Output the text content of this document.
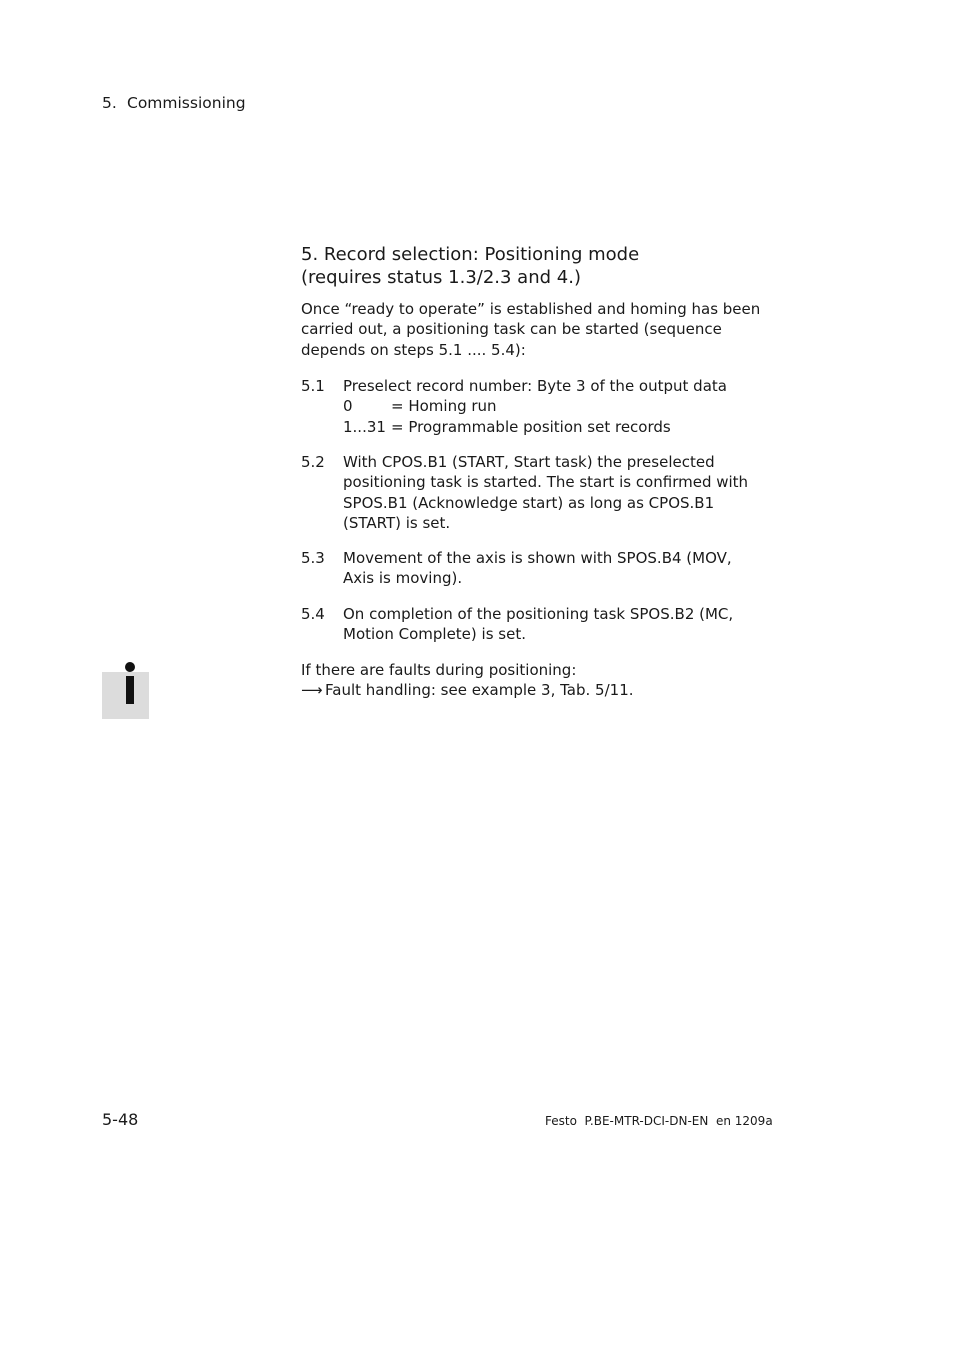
5. Commissioning
5. Record selection: Positioning mode
(requires status 1.3/2.3 and 4.)
Once “ready to operate” is established and homing has been
carried out, a positioning task can be started (sequence
depends on steps 5.1 .... 5.4):
5.1 Preselect record number: Byte 3 of the output data
0	= Homing run
1...31 = Programmable position set records
5.2 With CPOS.B1 (START, Start task) the preselected
positioning task is started. The start is confirmed with
SPOS.B1 (Acknowledge start) as long as CPOS.B1
(START) is set.
5.3 Movement of the axis is shown with SPOS.B4 (MOV,
Axis is moving).
5.4 On completion of the positioning task SPOS.B2 (MC,
Motion Complete) is set.
If there are faults during positioning:
⟶ Fault handling: see example 3, Tab. 5/11.
5-48	Festo  P.BE-MTR-DCI-DN-EN  en 1209a
